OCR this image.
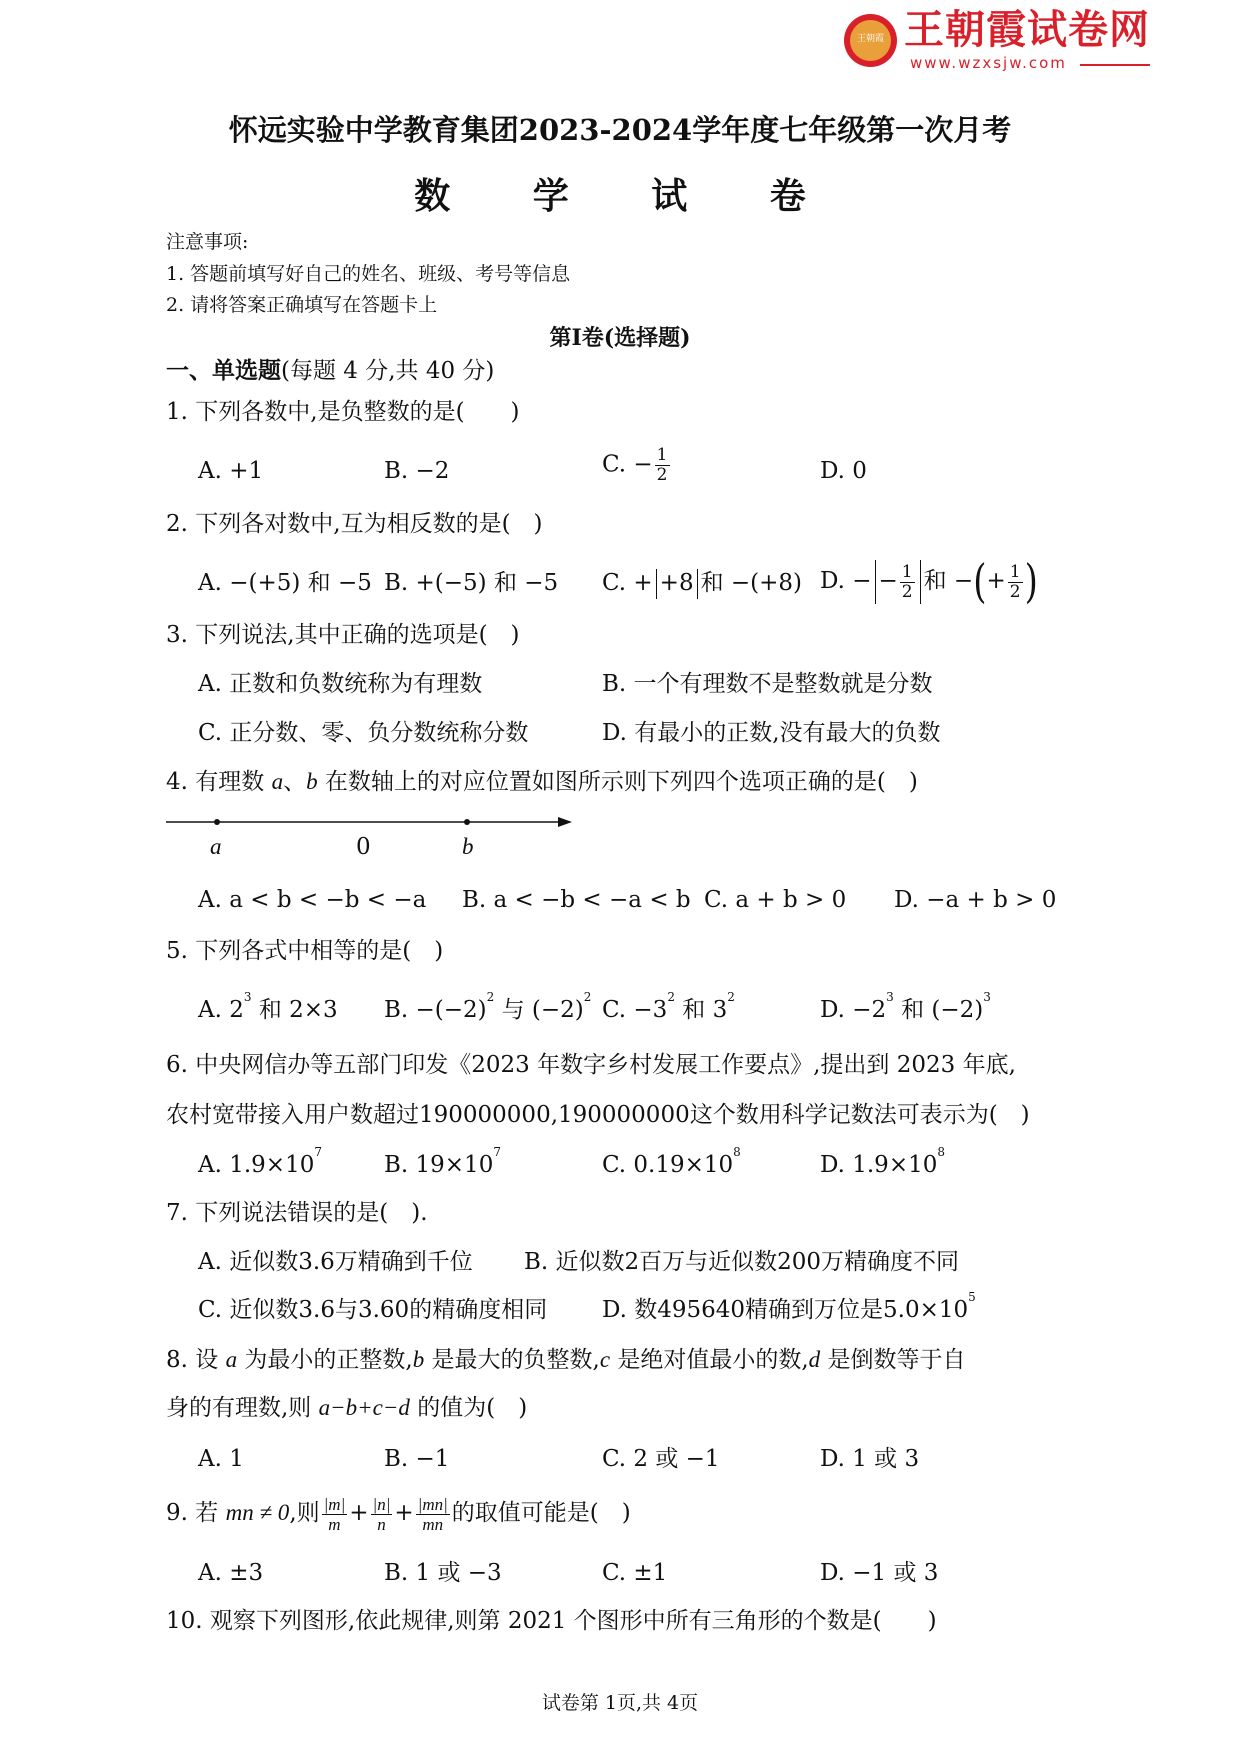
王朝霞 王朝霞试卷网
www.wzxsjw.com
怀远实验中学教育集团2023-2024学年度七年级第一次月考
数 学 试 卷
注意事项:
1. 答题前填写好自己的姓名、班级、考号等信息
2. 请将答案正确填写在答题卡上
第Ⅰ卷(选择题)
一、单选题(每题 4 分,共 40 分)
1. 下列各数中,是负整数的是(　　)
A. +1	B. −2	C. − $\frac{1}{2}$	D. 0
2. 下列各对数中,互为相反数的是(　)
A. −(+5) 和 −5 B. +(−5) 和 −5 C. + +8 和 −(+8) D. − − $\frac{1}{2}$ 和 −(+ $\frac{1}{2}$ )
3. 下列说法,其中正确的选项是(　)
A. 正数和负数统称为有理数	B. 一个有理数不是整数就是分数
C. 正分数、零、负分数统称分数	D. 有最小的正数,没有最大的负数
4. 有理数 a、b 在数轴上的对应位置如图所示则下列四个选项正确的是(　)
a	0	b
A. a < b < −b < −a B. a < −b < −a < b C. a + b > 0 D. −a + b > 0
5. 下列各式中相等的是(　)
A. $2^3$ 和 2×3 B. $-(-2)^2$ 与 $(-2)^2$ C. $-3^2$ 和 $3^2$	D. $-2^3$ 和 $(-2)^3$
6. 中央网信办等五部门印发《2023 年数字乡村发展工作要点》,提出到 2023 年底,
农村宽带接入用户数超过190000000,190000000这个数用科学记数法可表示为(　)
A. $1.9\times 10^7$	B. $19\times 10^7$	C. $0.19\times 10^8$	D. $1.9\times 10^8$
7. 下列说法错误的是(　).
A. 近似数3.6万精确到千位 B. 近似数2百万与近似数200万精确度不同
C. 近似数3.6与3.60的精确度相同 D. 数495640精确到万位是$5.0\times 10^5$
8. 设 a 为最小的正整数,b 是最大的负整数,c 是绝对值最小的数,d 是倒数等于自
身的有理数,则 a−b+c−d 的值为(　)
A. 1	B. −1	C. 2 或 −1	D. 1 或 3
9. 若 mn ≠ 0,则 $\frac{|m|}{m} + \frac{|n|}{n} + \frac{|mn|}{mn}$ 的取值可能是(　)
A. ±3	B. 1 或 −3	C. ±1	D. −1 或 3
10. 观察下列图形,依此规律,则第 2021 个图形中所有三角形的个数是(　　)
试卷第 1页,共 4页
